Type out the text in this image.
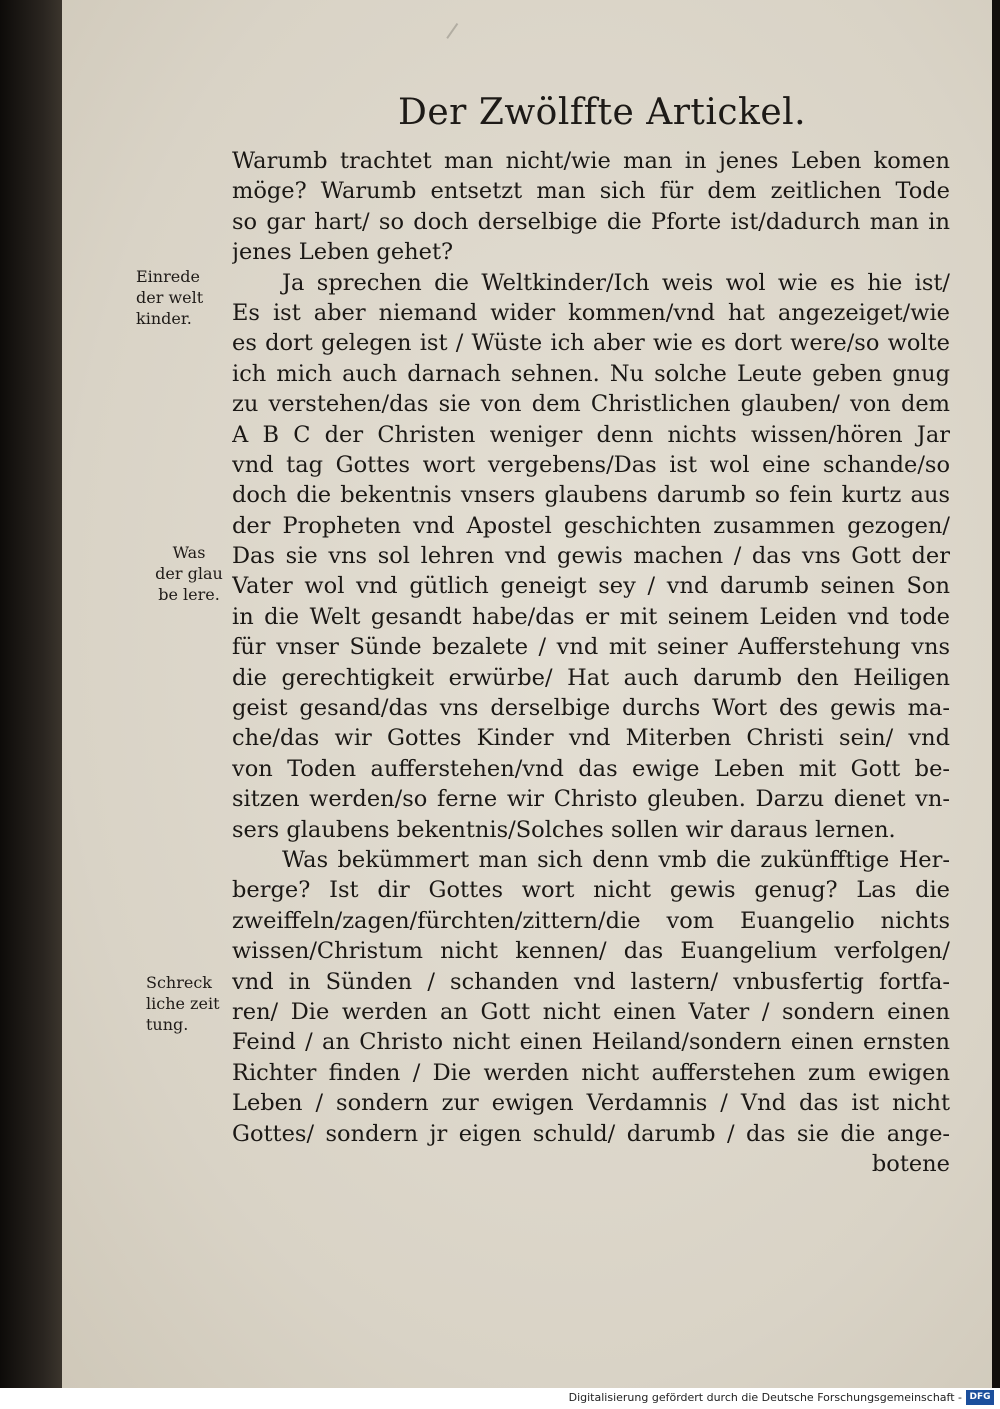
Der Zwölffte Artickel.
Warumb trachtet man nicht/wie man in jenes Leben komen
möge? Warumb entsetzt man sich für dem zeitlichen Tode
so gar hart/ so doch derselbige die Pforte ist/dadurch man in
jenes Leben gehet?
Ja sprechen die Weltkinder/Ich weis wol wie es hie ist/
Es ist aber niemand wider kommen/vnd hat angezeiget/wie
es dort gelegen ist / Wüste ich aber wie es dort were/so wolte
ich mich auch darnach sehnen. Nu solche Leute geben gnug
zu verstehen/das sie von dem Christlichen glauben/ von dem
A B C der Christen weniger denn nichts wissen/hören Jar
vnd tag Gottes wort vergebens/Das ist wol eine schande/so
doch die bekentnis vnsers glaubens darumb so fein kurtz aus
der Propheten vnd Apostel geschichten zusammen gezogen/
Das sie vns sol lehren vnd gewis machen / das vns Gott der
Vater wol vnd gütlich geneigt sey / vnd darumb seinen Son
in die Welt gesandt habe/das er mit seinem Leiden vnd tode
für vnser Sünde bezalete / vnd mit seiner Aufferstehung vns
die gerechtigkeit erwürbe/ Hat auch darumb den Heiligen
geist gesand/das vns derselbige durchs Wort des gewis ma-
che/das wir Gottes Kinder vnd Miterben Christi sein/ vnd
von Toden aufferstehen/vnd das ewige Leben mit Gott be-
sitzen werden/so ferne wir Christo gleuben. Darzu dienet vn-
sers glaubens bekentnis/Solches sollen wir daraus lernen.
Was bekümmert man sich denn vmb die zukünfftige Her-
berge? Ist dir Gottes wort nicht gewis genug? Las die
zweiffeln/zagen/fürchten/zittern/die vom Euangelio nichts
wissen/Christum nicht kennen/ das Euangelium verfolgen/
vnd in Sünden / schanden vnd lastern/ vnbusfertig fortfa-
ren/ Die werden an Gott nicht einen Vater / sondern einen
Feind / an Christo nicht einen Heiland/sondern einen ernsten
Richter finden / Die werden nicht aufferstehen zum ewigen
Leben / sondern zur ewigen Verdamnis / Vnd das ist nicht
Gottes/ sondern jr eigen schuld/ darumb / das sie die ange-
botene
Einrede
der welt
kinder.
Was
der glau
be lere.
Schreck
liche zeit
tung.
Digitalisierung gefördert durch die Deutsche Forschungsgemeinschaft - DFG
